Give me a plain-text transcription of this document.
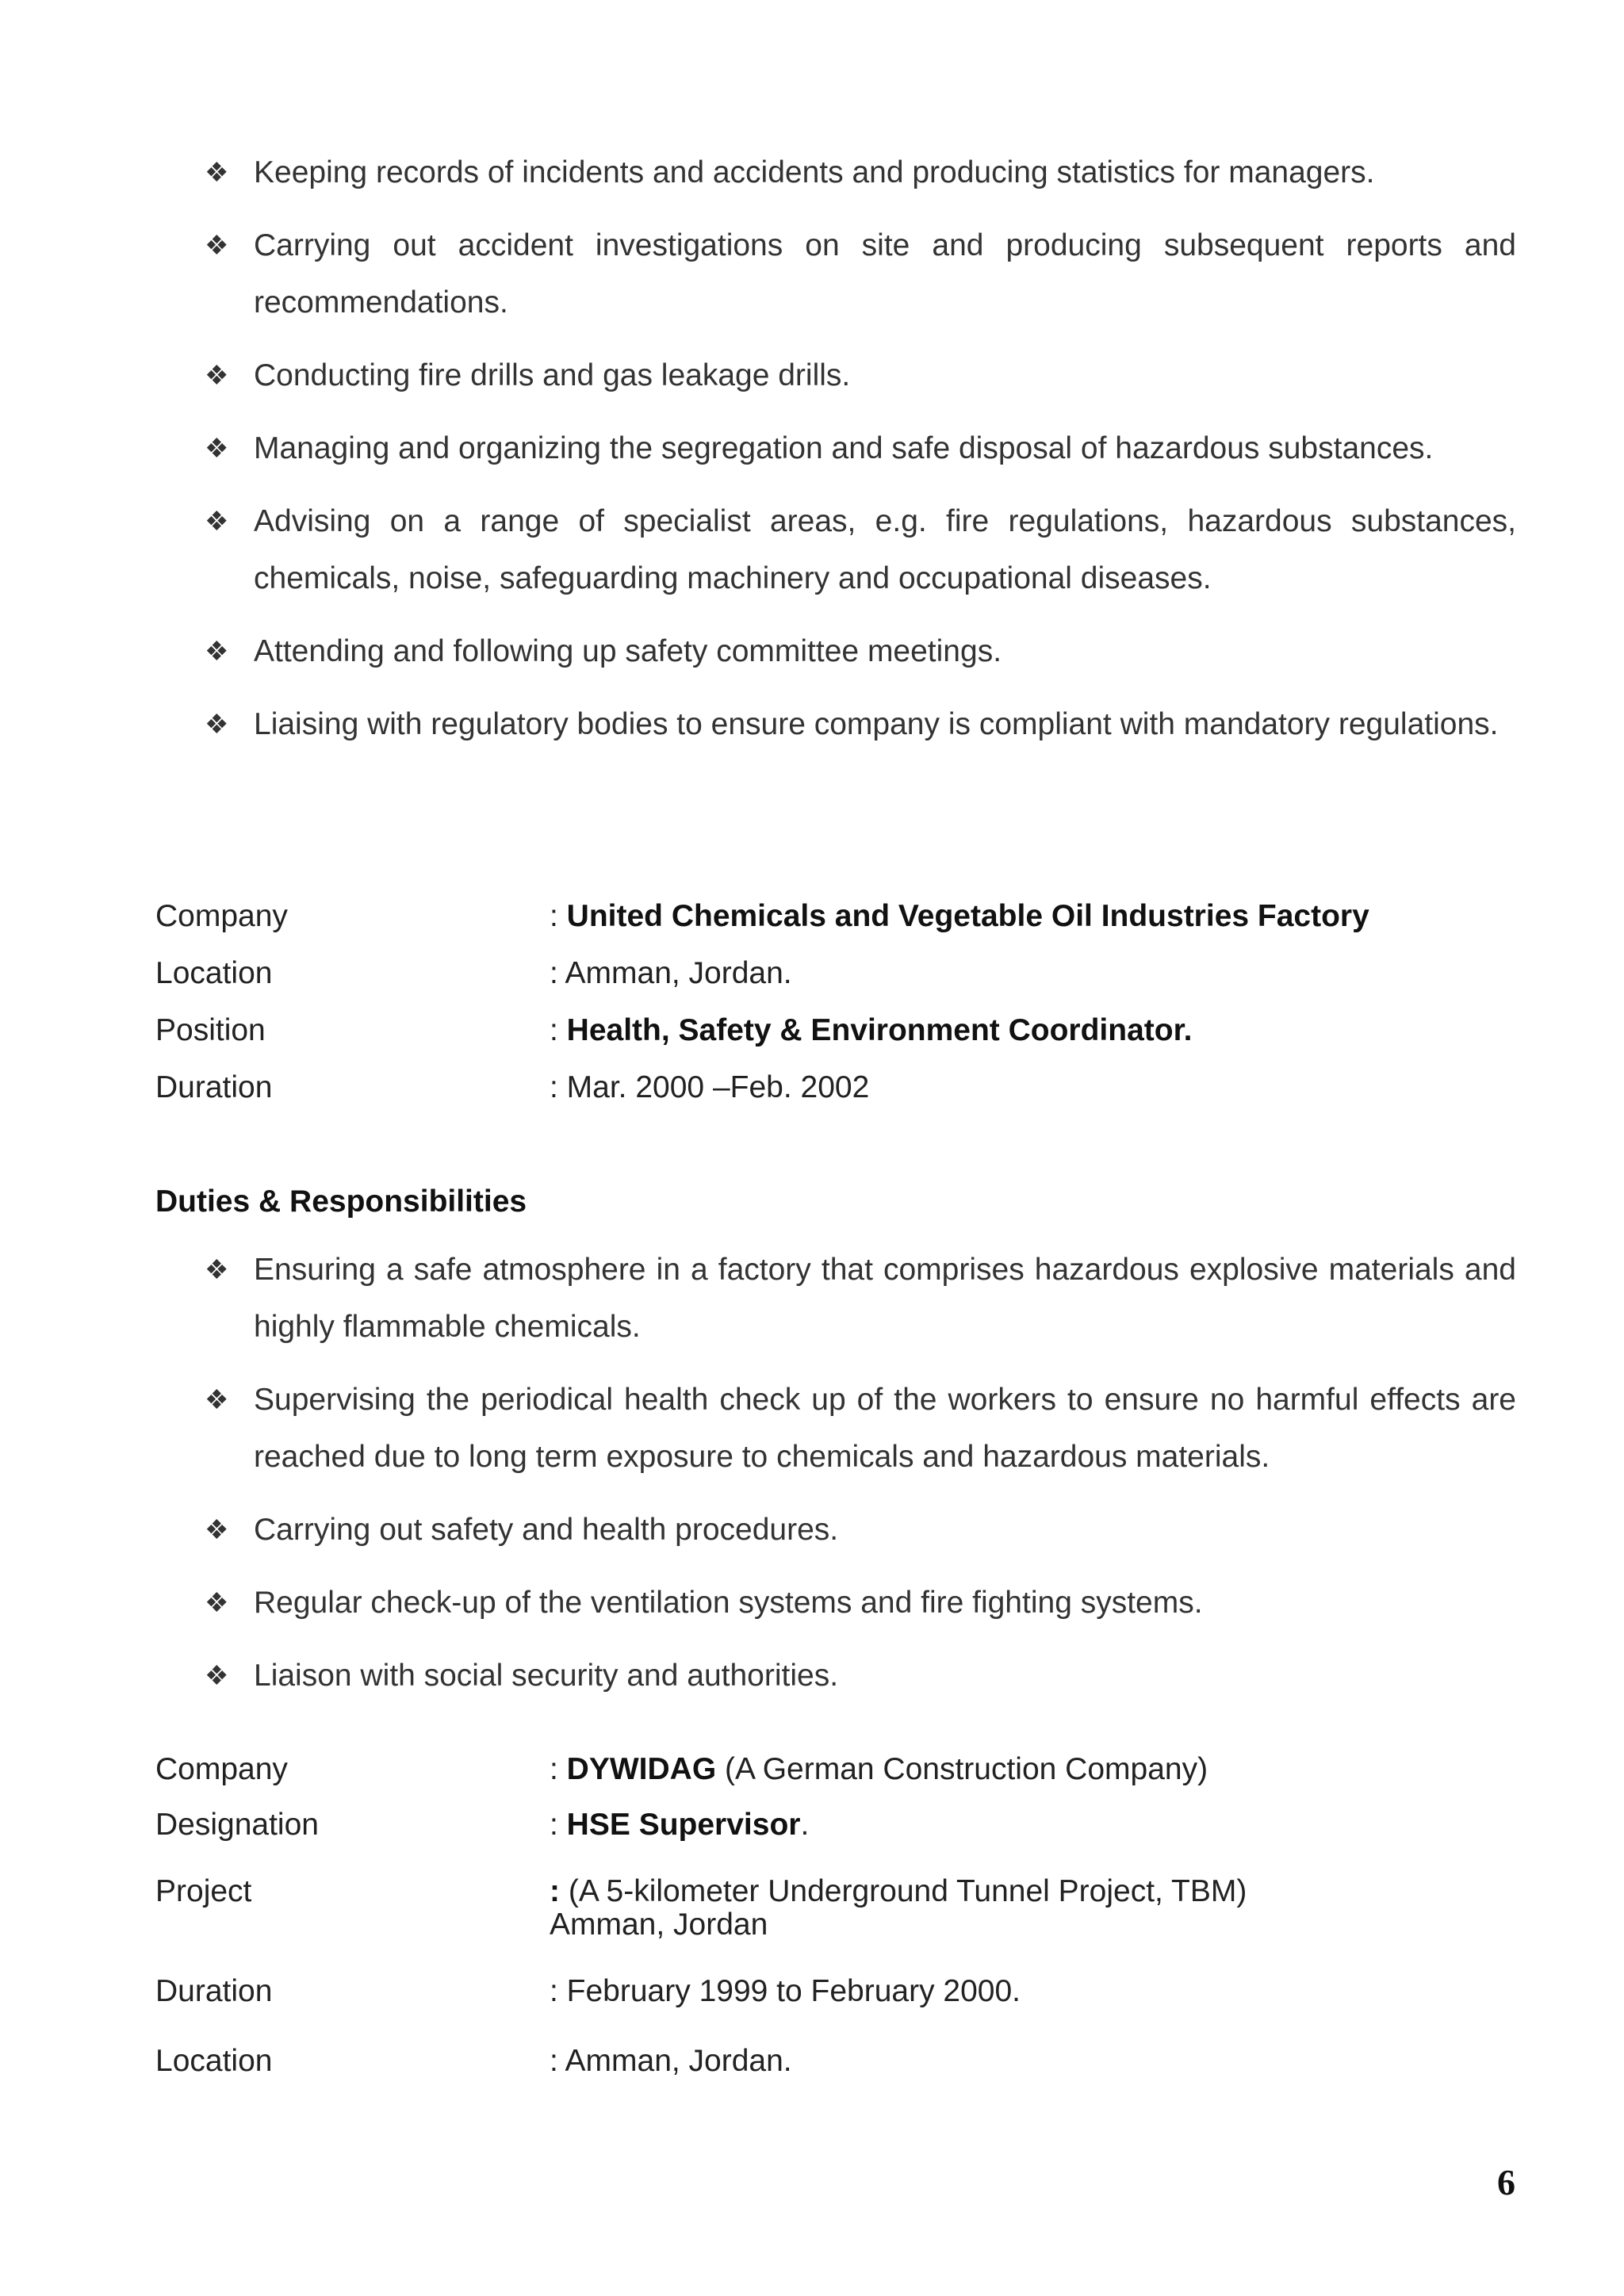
❖ Keeping records of incidents and accidents and producing statistics for managers.
❖ Carrying out accident investigations on site and producing subsequent reports and recommendations.
❖ Conducting fire drills and gas leakage drills.
❖ Managing and organizing the segregation and safe disposal of hazardous substances.
❖ Advising on a range of specialist areas, e.g. fire regulations, hazardous substances, chemicals, noise, safeguarding machinery and occupational diseases.
❖ Attending and following up safety committee meetings.
❖ Liaising with regulatory bodies to ensure company is compliant with mandatory regulations.
Company	: United Chemicals and Vegetable Oil Industries Factory
Location	: Amman, Jordan.
Position	: Health, Safety & Environment Coordinator.
Duration	: Mar. 2000 –Feb. 2002
Duties & Responsibilities
❖ Ensuring a safe atmosphere in a factory that comprises hazardous explosive materials and highly flammable chemicals.
❖ Supervising the periodical health check up of the workers to ensure no harmful effects are reached due to long term exposure to chemicals and hazardous materials.
❖ Carrying out safety and health procedures.
❖ Regular check-up of the ventilation systems and fire fighting systems.
❖ Liaison with social security and authorities.
Company	: DYWIDAG (A German Construction Company)
Designation	: HSE Supervisor.
Project	: (A 5-kilometer Underground Tunnel Project, TBM)
Amman, Jordan
Duration	: February 1999 to February 2000.
Location	: Amman, Jordan.
6
